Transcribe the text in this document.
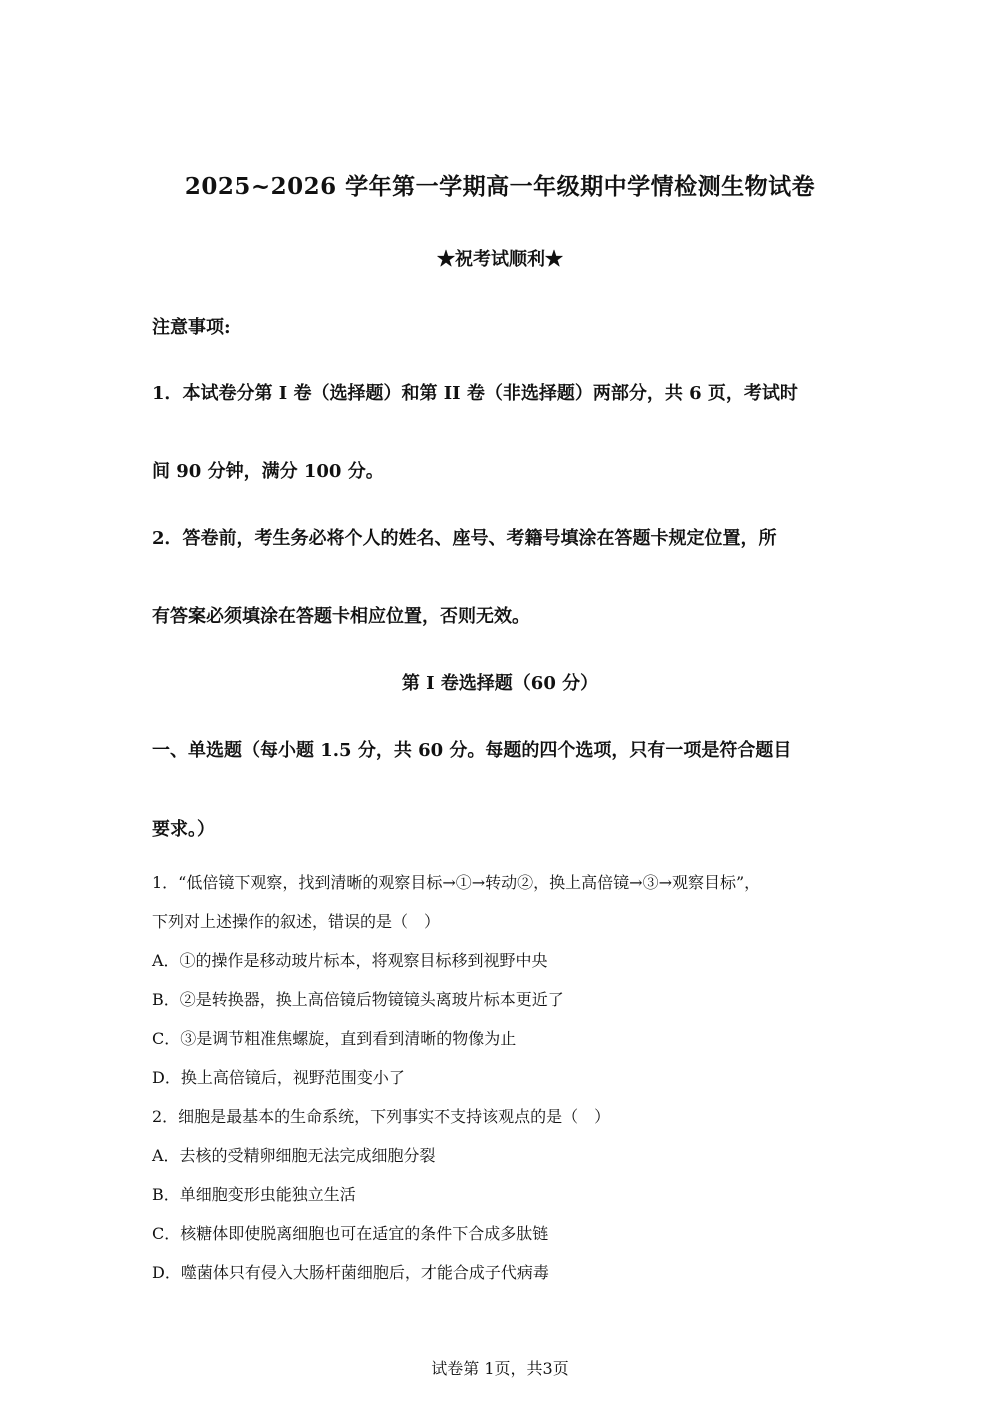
2025~2026 学年第一学期高一年级期中学情检测生物试卷
★祝考试顺利★
注意事项:
1．本试卷分第 I 卷（选择题）和第 II 卷（非选择题）两部分，共 6 页，考试时
间 90 分钟，满分 100 分。
2．答卷前，考生务必将个人的姓名、座号、考籍号填涂在答题卡规定位置，所
有答案必须填涂在答题卡相应位置，否则无效。
第 I 卷选择题（60 分）
一、单选题（每小题 1.5 分，共 60 分。每题的四个选项，只有一项是符合题目
要求。）
1．“低倍镜下观察，找到清晰的观察目标→①→转动②，换上高倍镜→③→观察目标”，
下列对上述操作的叙述，错误的是（　）
A．①的操作是移动玻片标本，将观察目标移到视野中央
B．②是转换器，换上高倍镜后物镜镜头离玻片标本更近了
C．③是调节粗准焦螺旋，直到看到清晰的物像为止
D．换上高倍镜后，视野范围变小了
2．细胞是最基本的生命系统，下列事实不支持该观点的是（　）
A．去核的受精卵细胞无法完成细胞分裂
B．单细胞变形虫能独立生活
C．核糖体即使脱离细胞也可在适宜的条件下合成多肽链
D．噬菌体只有侵入大肠杆菌细胞后，才能合成子代病毒
试卷第 1页，共3页
